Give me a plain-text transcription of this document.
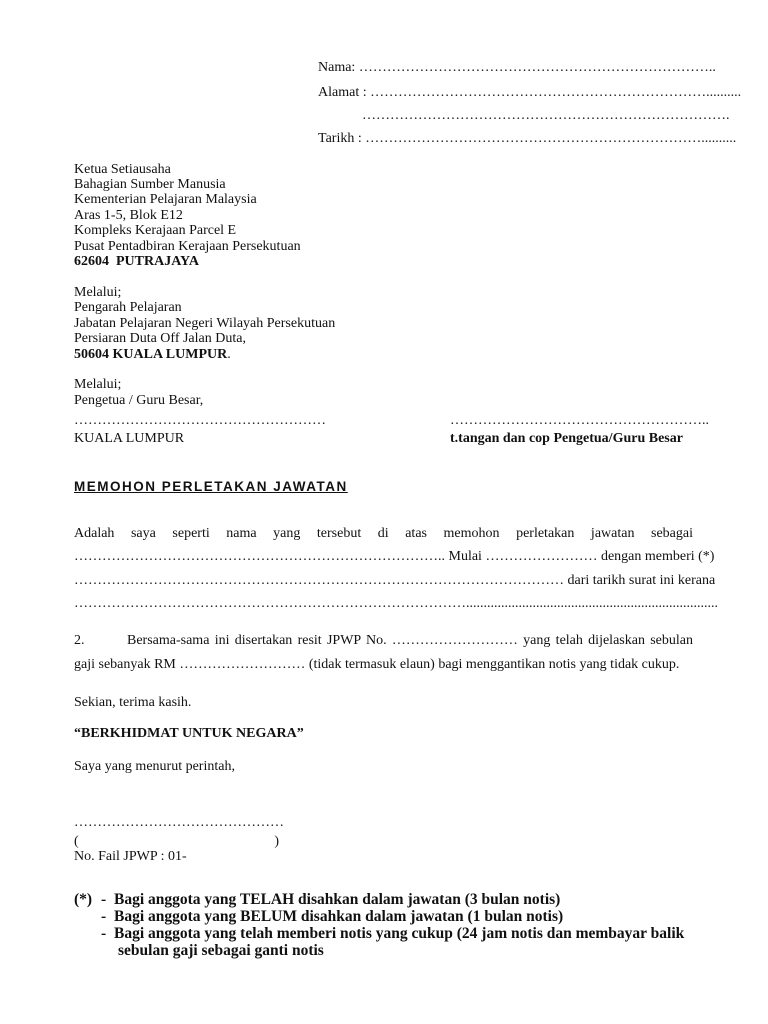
Nama: …………………………………………………………………..
Alamat : ………………………………………………………………..........
…………………………………………………………………….
Tarikh : ………………………………………………………………..........
Ketua Setiausaha
Bahagian Sumber Manusia
Kementerian Pelajaran Malaysia
Aras 1-5, Blok E12
Kompleks Kerajaan Parcel E
Pusat Pentadbiran Kerajaan Persekutuan
62604  PUTRAJAYA
Melalui;
Pengarah Pelajaran
Jabatan Pelajaran Negeri Wilayah Persekutuan
Persiaran Duta Off Jalan Duta,
50604 KUALA LUMPUR.
Melalui;
Pengetua / Guru Besar,
………………………………………………	………………………………………………..
KUALA LUMPUR	t.tangan dan cop Pengetua/Guru Besar
MEMOHON PERLETAKAN JAWATAN
Adalah saya seperti nama yang tersebut di atas memohon perletakan jawatan sebagai
…………………………………………………………………….. Mulai …………………… dengan memberi (*)
…………………………………………………………………………………………… dari tarikh surat ini kerana
…………………………………………………………………………........................................................................
2.	Bersama-sama ini disertakan resit JPWP No. ……………………… yang telah dijelaskan sebulan
gaji sebanyak RM ……………………… (tidak termasuk elaun) bagi menggantikan notis yang tidak cukup.
Sekian, terima kasih.
“BERKHIDMAT UNTUK NEGARA”
Saya yang menurut perintah,
………………………………………
(	)
No. Fail JPWP : 01-
(*) - Bagi anggota yang TELAH disahkan dalam jawatan (3 bulan notis)
- Bagi anggota yang BELUM disahkan dalam jawatan (1 bulan notis)
- Bagi anggota yang telah memberi notis yang cukup (24 jam notis dan membayar balik
sebulan gaji sebagai ganti notis
